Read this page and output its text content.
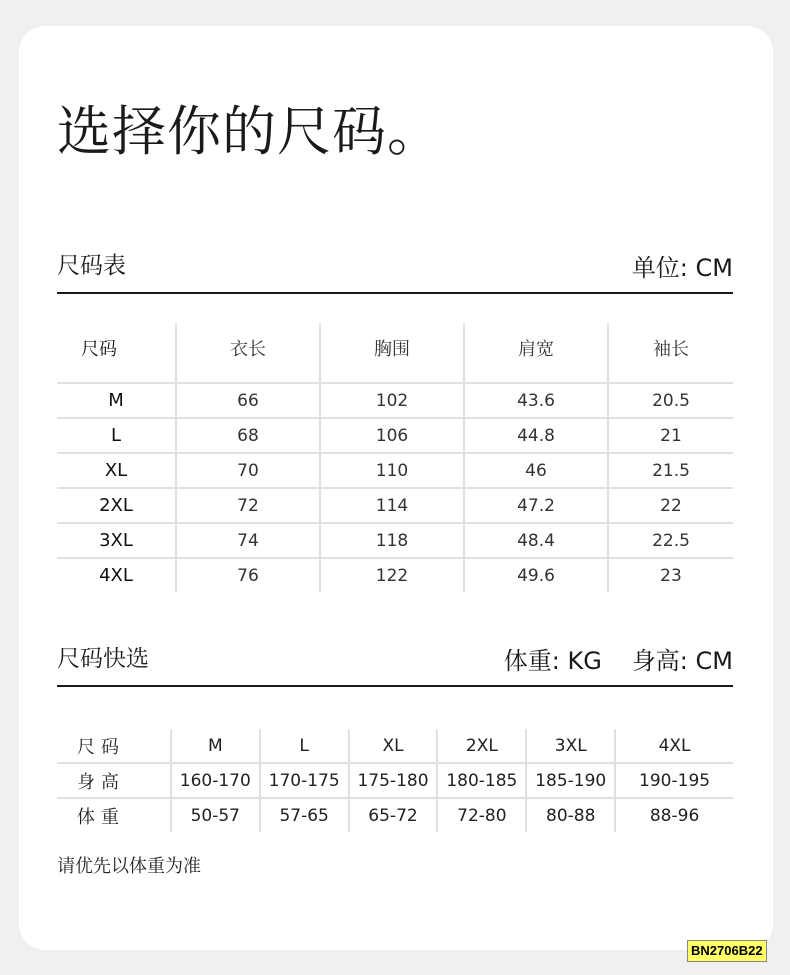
选择你的尺码。
尺码表	单位: CM
尺码	衣长	胸围	肩宽	袖长
M	66	102	43.6	20.5
L	68	106	44.8	21
XL	70	110	46	21.5
2XL	72	114	47.2	22
3XL	74	118	48.4	22.5
4XL	76	122	49.6	23
尺码快选	体重: KG 身高: CM
尺码	M	L	XL	2XL	3XL	4XL
身高	160-170	170-175	175-180	180-185	185-190	190-195
体重	50-57	57-65	65-72	72-80	80-88	88-96
请优先以体重为准
BN2706B22
